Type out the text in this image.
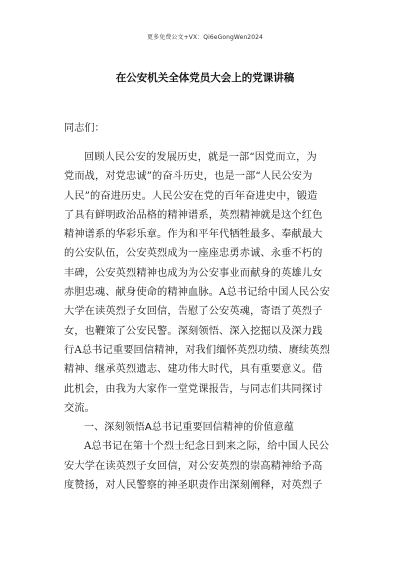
更多免费公文+VX：Qi6eGongWen2024
在公安机关全体党员大会上的党课讲稿
同志们：
回顾人民公安的发展历史，就是一部“因党而立，为
党而战，对党忠诚”的奋斗历史，也是一部“人民公安为
人民”的奋进历史。人民公安在党的百年奋进史中，锻造
了具有鲜明政治品格的精神谱系，英烈精神就是这个红色
精神谱系的华彩乐章。作为和平年代牺牲最多、奉献最大
的公安队伍，公安英烈成为一座座忠勇赤诚、永垂不朽的
丰碑，公安英烈精神也成为为公安事业而献身的英雄儿女
赤胆忠魂、献身使命的精神血脉。A总书记给中国人民公安
大学在读英烈子女回信，告慰了公安英魂，寄语了英烈子
女，也鞭策了公安民警。深刻领悟、深入挖掘以及深力践
行A总书记重要回信精神，对我们缅怀英烈功绩、赓续英烈
精神、继承英烈遗志、建功伟大时代，具有重要意义。借
此机会，由我为大家作一堂党课报告，与同志们共同探讨
交流。
一、深刻领悟A总书记重要回信精神的价值意蕴
A总书记在第十个烈士纪念日到来之际，给中国人民公
安大学在读英烈子女回信，对公安英烈的崇高精神给予高
度赞扬，对人民警察的神圣职责作出深刻阐释，对英烈子
